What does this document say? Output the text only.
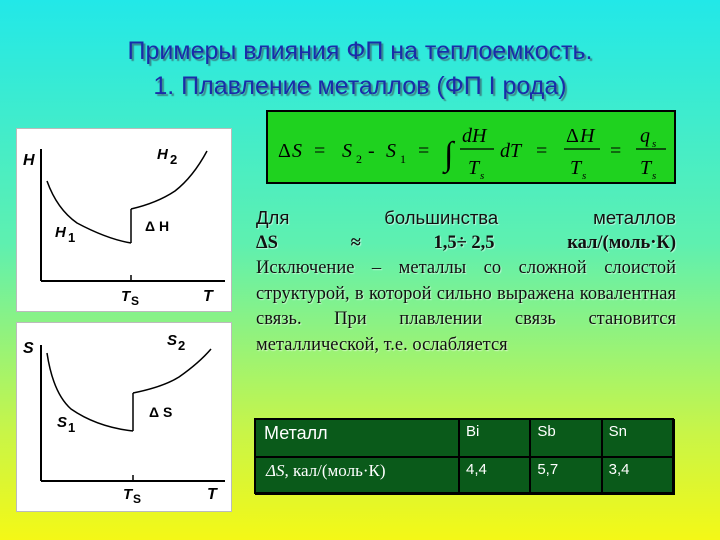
Примеры влияния ФП на теплоемкость.
1. Плавление металлов (ФП I рода)
Δ S = S 2 - S 1 = ∫ dH
T s
dT =
Δ H
T s
=
q s
T s
H
T
H 2
H 1
Δ H
T S
S
T
S 2
S 1
Δ S
T S
Для	большинства	металлов
ΔS	≈	1,5÷ 2,5	кал/(моль·К)
Исключение – металлы со сложной слоистой структурой, в которой сильно выражена ковалентная связь. При плавлении связь становится металлической, т.е. ослабляется
Металл	Bi	Sb	Sn
ΔS, кал/(моль·К)	4,4	5,7	3,4
